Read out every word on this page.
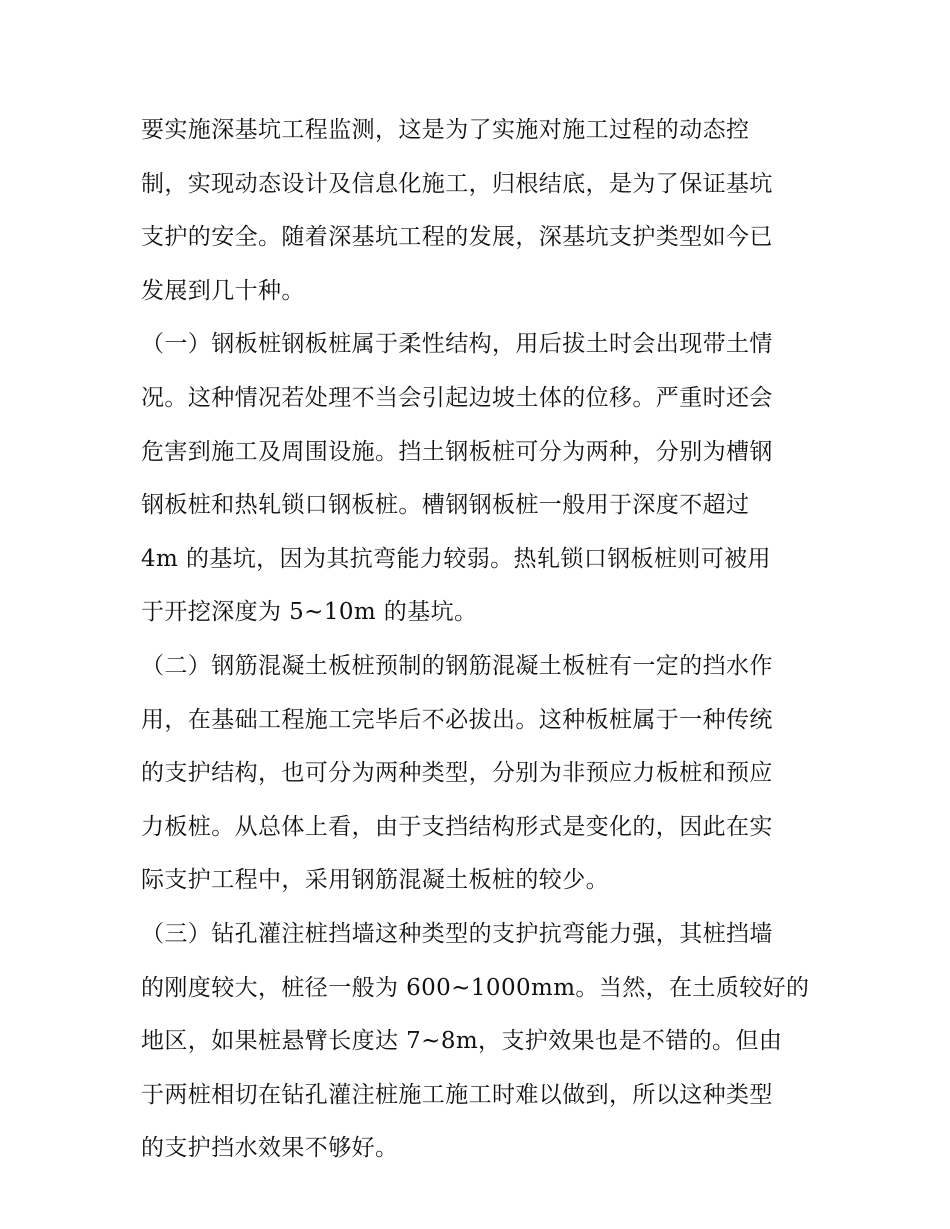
要实施深基坑工程监测，这是为了实施对施工过程的动态控
制，实现动态设计及信息化施工，归根结底，是为了保证基坑
支护的安全。随着深基坑工程的发展，深基坑支护类型如今已
发展到几十种。

（一）钢板桩钢板桩属于柔性结构，用后拔土时会出现带土情
况。这种情况若处理不当会引起边坡土体的位移。严重时还会
危害到施工及周围设施。挡土钢板桩可分为两种，分别为槽钢
钢板桩和热轧锁口钢板桩。槽钢钢板桩一般用于深度不超过
4m 的基坑，因为其抗弯能力较弱。热轧锁口钢板桩则可被用
于开挖深度为 5~10m 的基坑。

（二）钢筋混凝土板桩预制的钢筋混凝土板桩有一定的挡水作
用，在基础工程施工完毕后不必拔出。这种板桩属于一种传统
的支护结构，也可分为两种类型，分别为非预应力板桩和预应
力板桩。从总体上看，由于支挡结构形式是变化的，因此在实
际支护工程中，采用钢筋混凝土板桩的较少。

（三）钻孔灌注桩挡墙这种类型的支护抗弯能力强，其桩挡墙
的刚度较大，桩径一般为 600~1000mm。当然，在土质较好的
地区，如果桩悬臂长度达 7~8m，支护效果也是不错的。但由
于两桩相切在钻孔灌注桩施工施工时难以做到，所以这种类型
的支护挡水效果不够好。
